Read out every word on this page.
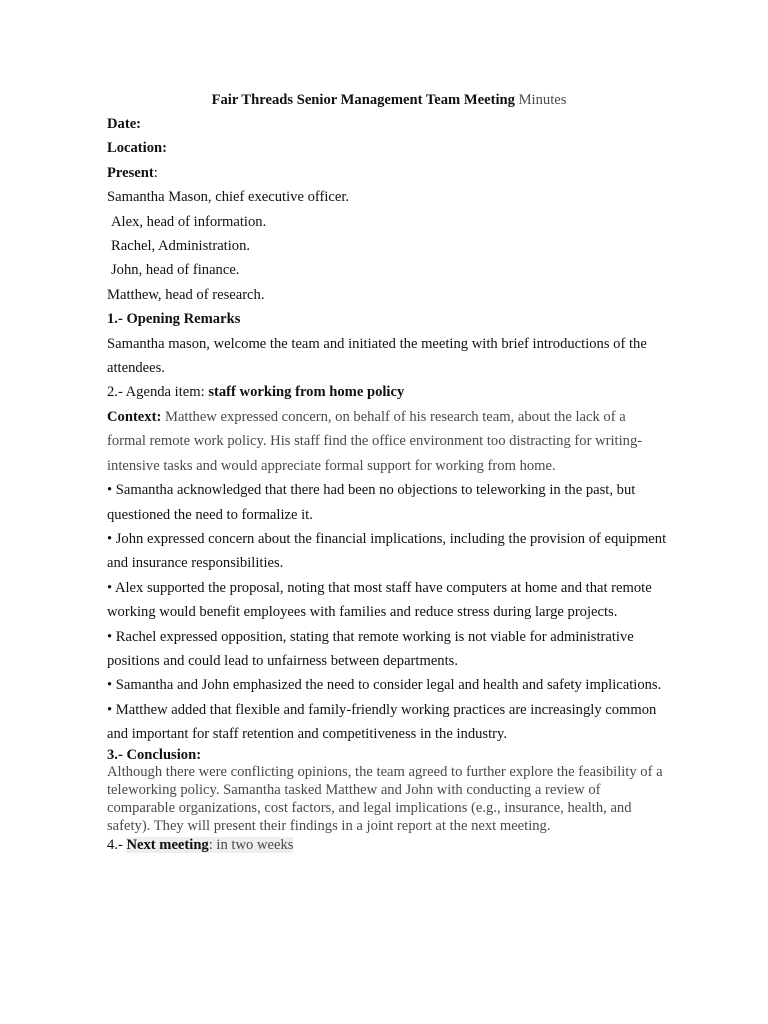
Fair Threads Senior Management Team Meeting Minutes

Date:

Location:

Present:

Samantha Mason, chief executive officer.

Alex, head of information.

Rachel, Administration.

John, head of finance.

Matthew, head of research.

1.- Opening Remarks

Samantha mason, welcome the team and initiated the meeting with brief introductions of the attendees.

2.- Agenda item: staff working from home policy

Context: Matthew expressed concern, on behalf of his research team, about the lack of a formal remote work policy. His staff find the office environment too distracting for writing-intensive tasks and would appreciate formal support for working from home.

• Samantha acknowledged that there had been no objections to teleworking in the past, but questioned the need to formalize it.

• John expressed concern about the financial implications, including the provision of equipment and insurance responsibilities.

• Alex supported the proposal, noting that most staff have computers at home and that remote working would benefit employees with families and reduce stress during large projects.

• Rachel expressed opposition, stating that remote working is not viable for administrative positions and could lead to unfairness between departments.

• Samantha and John emphasized the need to consider legal and health and safety implications.

• Matthew added that flexible and family-friendly working practices are increasingly common and important for staff retention and competitiveness in the industry.

3.- Conclusion:

Although there were conflicting opinions, the team agreed to further explore the feasibility of a teleworking policy. Samantha tasked Matthew and John with conducting a review of comparable organizations, cost factors, and legal implications (e.g., insurance, health, and safety). They will present their findings in a joint report at the next meeting.

4.- Next meeting: in two weeks
